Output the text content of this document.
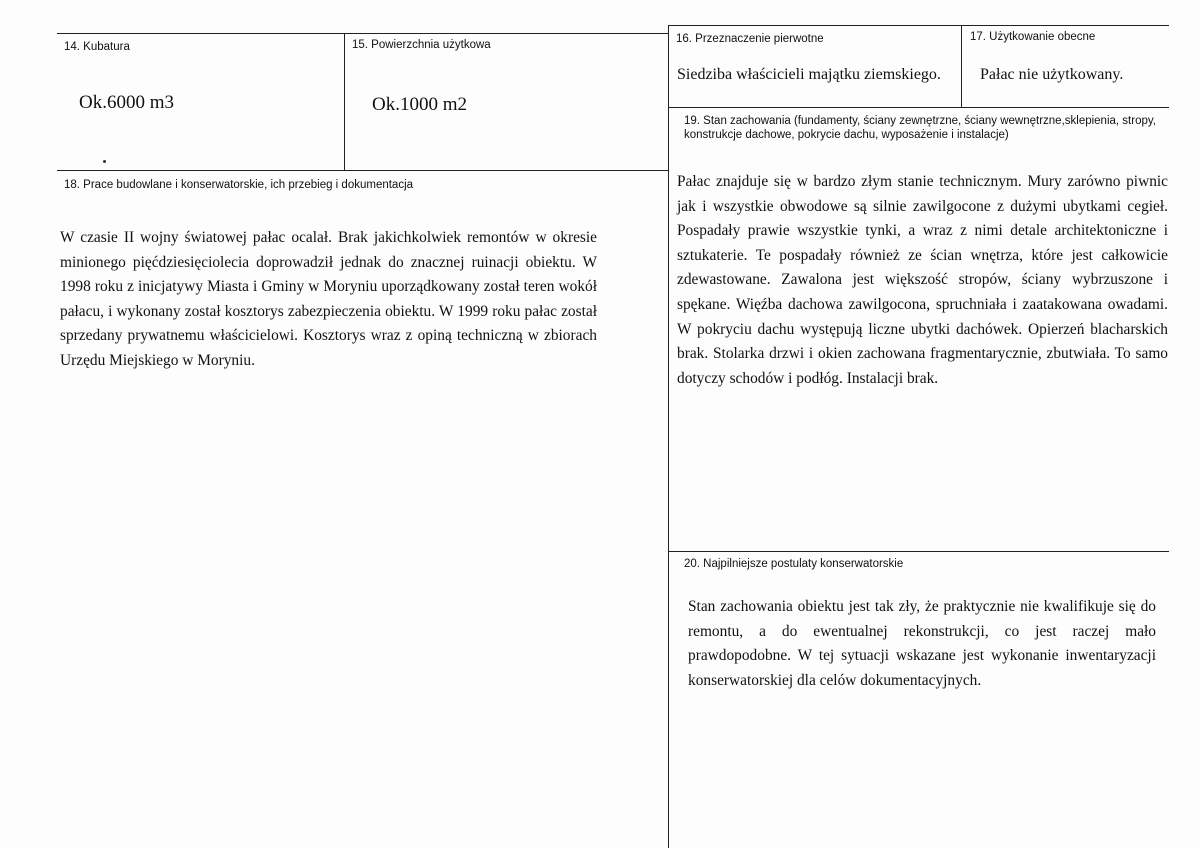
14. Kubatura
Ok.6000 m3
15. Powierzchnia użytkowa
Ok.1000 m2
16. Przeznaczenie pierwotne
Siedziba właścicieli majątku ziemskiego.
17. Użytkowanie obecne
Pałac nie użytkowany.
18. Prace budowlane i konserwatorskie, ich przebieg i dokumentacja
W czasie II wojny światowej pałac ocalał. Brak jakichkolwiek remontów w okresie minionego pięćdziesięciolecia doprowadził jednak do znacznej ruinacji obiektu. W 1998 roku z inicjatywy Miasta i Gminy w Moryniu uporządkowany został teren wokół pałacu, i wykonany został kosztorys zabezpieczenia obiektu. W 1999 roku pałac został sprzedany prywatnemu właścicielowi. Kosztorys wraz z opiną techniczną w zbiorach Urzędu Miejskiego w Moryniu.
19. Stan zachowania (fundamenty, ściany zewnętrzne, ściany wewnętrzne,sklepienia, stropy, konstrukcje dachowe, pokrycie dachu, wyposażenie i instalacje)
Pałac znajduje się w bardzo złym stanie technicznym. Mury zarówno piwnic jak i wszystkie obwodowe są silnie zawilgocone z dużymi ubytkami cegieł. Pospadały prawie wszystkie tynki, a wraz z nimi detale architektoniczne i sztukaterie. Te pospadały również ze ścian wnętrza, które jest całkowicie zdewastowane. Zawalona jest większość stropów, ściany wybrzuszone i spękane. Więźba dachowa zawilgocona, spruchniała i zaatakowana owadami. W pokryciu dachu występują liczne ubytki dachówek. Opierzeń blacharskich brak. Stolarka drzwi i okien zachowana fragmentarycznie, zbutwiała. To samo dotyczy schodów i podłóg. Instalacji brak.
20. Najpilniejsze postulaty konserwatorskie
Stan zachowania obiektu jest tak zły, że praktycznie nie kwalifikuje się do remontu, a do ewentualnej rekonstrukcji, co jest raczej mało prawdopodobne. W tej sytuacji wskazane jest wykonanie inwentaryzacji konserwatorskiej dla celów dokumentacyjnych.
